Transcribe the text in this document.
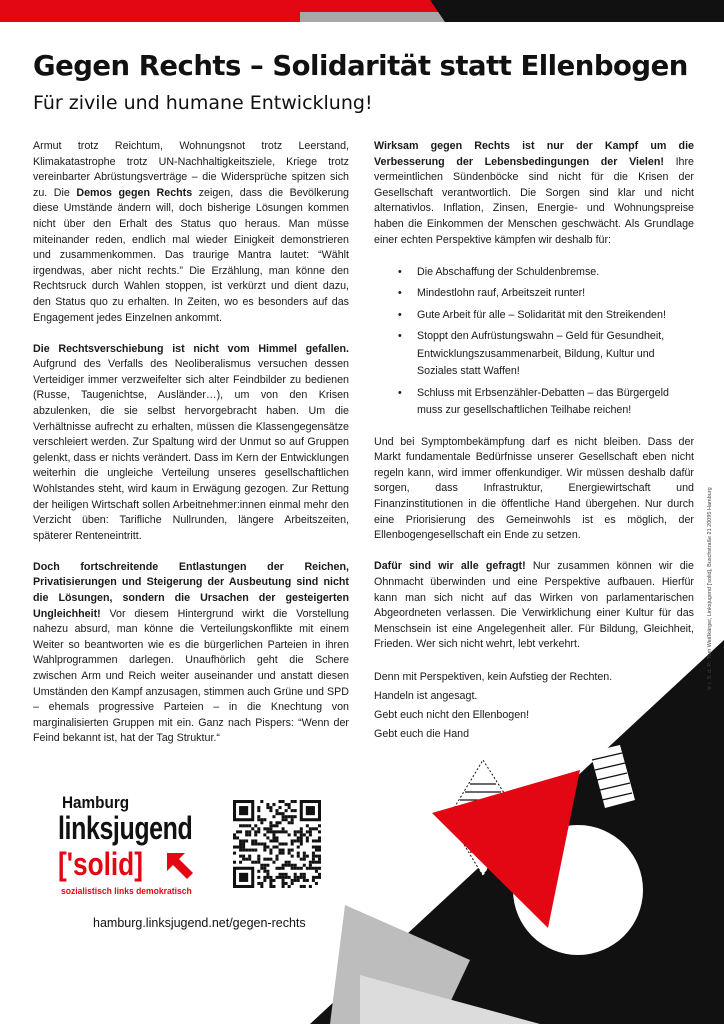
Gegen Rechts – Solidarität statt Ellenbogen
Für zivile und humane Entwicklung!

Armut trotz Reichtum, Wohnungsnot trotz Leerstand, Klimakatastrophe trotz UN-Nachhaltigkeitsziele, Kriege trotz vereinbarter Abrüstungsverträge – die Widersprüche spitzen sich zu. Die Demos gegen Rechts zeigen, dass die Bevölkerung diese Umstände ändern will, doch bisherige Lösungen kommen nicht über den Erhalt des Status quo heraus. Man müsse miteinander reden, endlich mal wieder Einigkeit demonstrieren und zusammenkommen. Das traurige Mantra lautet: “Wählt irgendwas, aber nicht rechts.” Die Erzählung, man könne den Rechtsruck durch Wahlen stoppen, ist verkürzt und dient dazu, den Status quo zu erhalten. In Zeiten, wo es besonders auf das Engagement jedes Einzelnen ankommt.

Die Rechtsverschiebung ist nicht vom Himmel gefallen. Aufgrund des Verfalls des Neoliberalismus versuchen dessen Verteidiger immer verzweifelter sich alter Feindbilder zu bedienen (Russe, Taugenichtse, Ausländer…), um von den Krisen abzulenken, die sie selbst hervorgebracht haben. Um die Verhältnisse aufrecht zu erhalten, müssen die Klassengegensätze verschleiert werden. Zur Spaltung wird der Unmut so auf Gruppen gelenkt, dass er nichts verändert. Dass im Kern der Entwicklungen weiterhin die ungleiche Verteilung unseres gesellschaftlichen Wohlstandes steht, wird kaum in Erwägung gezogen. Zur Rettung der heiligen Wirtschaft sollen Arbeitnehmer:innen einmal mehr den Verzicht üben: Tarifliche Nullrunden, längere Arbeitszeiten, späterer Renteneintritt.

Doch fortschreitende Entlastungen der Reichen, Privatisierungen und Steigerung der Ausbeutung sind nicht die Lösungen, sondern die Ursachen der gesteigerten Ungleichheit! Vor diesem Hintergrund wirkt die Vorstellung nahezu absurd, man könne die Verteilungskonflikte mit einem Weiter so beantworten wie es die bürgerlichen Parteien in ihren Wahlprogrammen darlegen. Unaufhörlich geht die Schere zwischen Arm und Reich weiter auseinander und anstatt diesen Umständen den Kampf anzusagen, stimmen auch Grüne und SPD – ehemals progressive Parteien – in die Knechtung von marginalisierten Gruppen mit ein. Ganz nach Pispers: “Wenn der Feind bekannt ist, hat der Tag Struktur.“

Wirksam gegen Rechts ist nur der Kampf um die Verbesserung der Lebensbedingungen der Vielen! Ihre vermeintlichen Sündenböcke sind nicht für die Krisen der Gesellschaft verantwortlich. Die Sorgen sind klar und nicht alternativlos. Inflation, Zinsen, Energie- und Wohnungspreise haben die Einkommen der Menschen geschwächt. Als Grundlage einer echten Perspektive kämpfen wir deshalb für:

• Die Abschaffung der Schuldenbremse.
• Mindestlohn rauf, Arbeitszeit runter!
• Gute Arbeit für alle – Solidarität mit den Streikenden!
• Stoppt den Aufrüstungswahn – Geld für Gesundheit, Entwicklungszusammenarbeit, Bildung, Kultur und Soziales statt Waffen!
• Schluss mit Erbsenzähler-Debatten – das Bürgergeld muss zur gesellschaftlichen Teilhabe reichen!

Und bei Symptombekämpfung darf es nicht bleiben. Dass der Markt fundamentale Bedürfnisse unserer Gesellschaft eben nicht regeln kann, wird immer offenkundiger. Wir müssen deshalb dafür sorgen, dass Infrastruktur, Energiewirtschaft und Finanzinstitutionen in die öffentliche Hand übergehen. Nur durch eine Priorisierung des Gemeinwohls ist es möglich, der Ellenbogengesellschaft ein Ende zu setzen.

Dafür sind wir alle gefragt! Nur zusammen können wir die Ohnmacht überwinden und eine Perspektive aufbauen. Hierfür kann man sich nicht auf das Wirken von parlamentarischen Abgeordneten verlassen. Die Verwirklichung einer Kultur für das Menschsein ist eine Angelegenheit aller. Für Bildung, Gleichheit, Frieden. Wer sich nicht wehrt, lebt verkehrt.

Denn mit Perspektiven, kein Aufstieg der Rechten.

Handeln ist angesagt.

Gebt euch nicht den Ellenbogen!

Gebt euch die Hand

V. i. S. d. P.: Tom Weißkärger, Linksjugend ['solid], Buschstraße 21 20095 Hamburg
Hamburg
linksjugend
['solid]
sozialistisch links demokratisch
hamburg.linksjugend.net/gegen-rechts
